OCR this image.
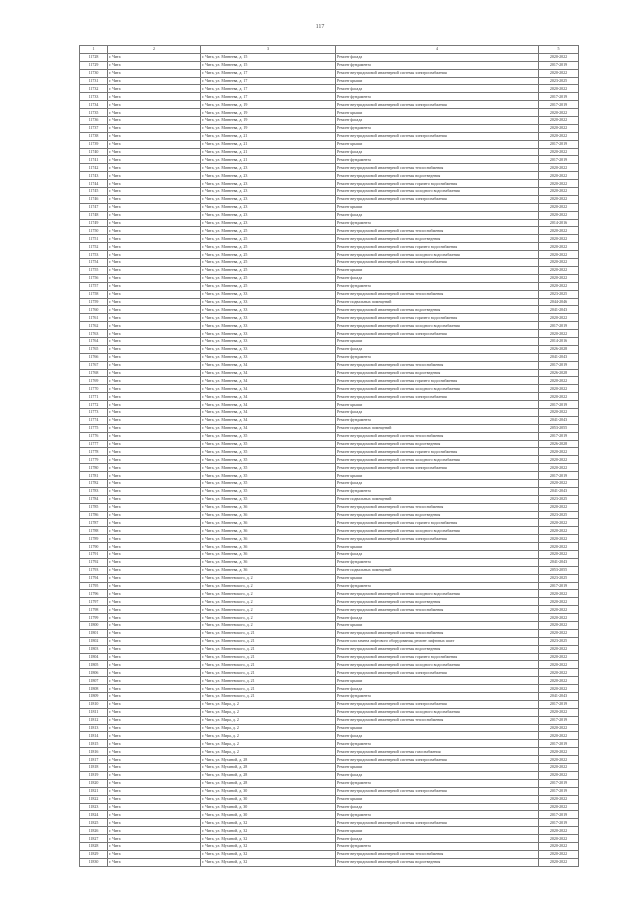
117
1	2	3	4	5
11728	г. Чита	г. Чита, ул. Матвеева, д. 15	Ремонт фасада	2020-2022
11729	г. Чита	г. Чита, ул. Матвеева, д. 15	Ремонт фундамента	2017-2019
11730	г. Чита	г. Чита, ул. Матвеева, д. 17	Ремонт внутридомовой инженерной системы электроснабжения	2020-2022
11731	г. Чита	г. Чита, ул. Матвеева, д. 17	Ремонт крыши	2023-2025
11732	г. Чита	г. Чита, ул. Матвеева, д. 17	Ремонт фасада	2020-2022
11733	г. Чита	г. Чита, ул. Матвеева, д. 17	Ремонт фундамента	2017-2019
11734	г. Чита	г. Чита, ул. Матвеева, д. 19	Ремонт внутридомовой инженерной системы электроснабжения	2017-2019
11735	г. Чита	г. Чита, ул. Матвеева, д. 19	Ремонт крыши	2020-2022
11736	г. Чита	г. Чита, ул. Матвеева, д. 19	Ремонт фасада	2020-2022
11737	г. Чита	г. Чита, ул. Матвеева, д. 19	Ремонт фундамента	2020-2022
11738	г. Чита	г. Чита, ул. Матвеева, д. 21	Ремонт внутридомовой инженерной системы электроснабжения	2020-2022
11739	г. Чита	г. Чита, ул. Матвеева, д. 21	Ремонт крыши	2017-2019
11740	г. Чита	г. Чита, ул. Матвеева, д. 21	Ремонт фасада	2020-2022
11741	г. Чита	г. Чита, ул. Матвеева, д. 21	Ремонт фундамента	2017-2019
11742	г. Чита	г. Чита, ул. Матвеева, д. 23	Ремонт внутридомовой инженерной системы теплоснабжения	2020-2022
11743	г. Чита	г. Чита, ул. Матвеева, д. 23	Ремонт внутридомовой инженерной системы водоотведения	2020-2022
11744	г. Чита	г. Чита, ул. Матвеева, д. 23	Ремонт внутридомовой инженерной системы горячего водоснабжения	2020-2022
11745	г. Чита	г. Чита, ул. Матвеева, д. 23	Ремонт внутридомовой инженерной системы холодного водоснабжения	2020-2022
11746	г. Чита	г. Чита, ул. Матвеева, д. 23	Ремонт внутридомовой инженерной системы электроснабжения	2020-2022
11747	г. Чита	г. Чита, ул. Матвеева, д. 23	Ремонт крыши	2020-2022
11748	г. Чита	г. Чита, ул. Матвеева, д. 23	Ремонт фасада	2020-2022
11749	г. Чита	г. Чита, ул. Матвеева, д. 23	Ремонт фундамента	2014-2016
11750	г. Чита	г. Чита, ул. Матвеева, д. 25	Ремонт внутридомовой инженерной системы теплоснабжения	2020-2022
11751	г. Чита	г. Чита, ул. Матвеева, д. 25	Ремонт внутридомовой инженерной системы водоотведения	2020-2022
11752	г. Чита	г. Чита, ул. Матвеева, д. 25	Ремонт внутридомовой инженерной системы горячего водоснабжения	2020-2022
11753	г. Чита	г. Чита, ул. Матвеева, д. 25	Ремонт внутридомовой инженерной системы холодного водоснабжения	2020-2022
11754	г. Чита	г. Чита, ул. Матвеева, д. 25	Ремонт внутридомовой инженерной системы электроснабжения	2020-2022
11755	г. Чита	г. Чита, ул. Матвеева, д. 25	Ремонт крыши	2020-2022
11756	г. Чита	г. Чита, ул. Матвеева, д. 25	Ремонт фасада	2020-2022
11757	г. Чита	г. Чита, ул. Матвеева, д. 25	Ремонт фундамента	2020-2022
11758	г. Чита	г. Чита, ул. Матвеева, д. 33	Ремонт внутридомовой инженерной системы теплоснабжения	2023-2025
11759	г. Чита	г. Чита, ул. Матвеева, д. 33	Ремонт подвальных помещений	2044-2046
11760	г. Чита	г. Чита, ул. Матвеева, д. 33	Ремонт внутридомовой инженерной системы водоотведения	2041-2043
11761	г. Чита	г. Чита, ул. Матвеева, д. 33	Ремонт внутридомовой инженерной системы горячего водоснабжения	2020-2022
11762	г. Чита	г. Чита, ул. Матвеева, д. 33	Ремонт внутридомовой инженерной системы холодного водоснабжения	2017-2019
11763	г. Чита	г. Чита, ул. Матвеева, д. 33	Ремонт внутридомовой инженерной системы электроснабжения	2020-2022
11764	г. Чита	г. Чита, ул. Матвеева, д. 33	Ремонт крыши	2014-2016
11765	г. Чита	г. Чита, ул. Матвеева, д. 33	Ремонт фасада	2026-2028
11766	г. Чита	г. Чита, ул. Матвеева, д. 33	Ремонт фундамента	2041-2043
11767	г. Чита	г. Чита, ул. Матвеева, д. 34	Ремонт внутридомовой инженерной системы теплоснабжения	2017-2019
11768	г. Чита	г. Чита, ул. Матвеева, д. 34	Ремонт внутридомовой инженерной системы водоотведения	2026-2028
11769	г. Чита	г. Чита, ул. Матвеева, д. 34	Ремонт внутридомовой инженерной системы горячего водоснабжения	2020-2022
11770	г. Чита	г. Чита, ул. Матвеева, д. 34	Ремонт внутридомовой инженерной системы холодного водоснабжения	2020-2022
11771	г. Чита	г. Чита, ул. Матвеева, д. 34	Ремонт внутридомовой инженерной системы электроснабжения	2020-2022
11772	г. Чита	г. Чита, ул. Матвеева, д. 34	Ремонт крыши	2017-2019
11773	г. Чита	г. Чита, ул. Матвеева, д. 34	Ремонт фасада	2020-2022
11774	г. Чита	г. Чита, ул. Матвеева, д. 34	Ремонт фундамента	2041-2043
11775	г. Чита	г. Чита, ул. Матвеева, д. 34	Ремонт подвальных помещений	2053-2055
11776	г. Чита	г. Чита, ул. Матвеева, д. 35	Ремонт внутридомовой инженерной системы теплоснабжения	2017-2019
11777	г. Чита	г. Чита, ул. Матвеева, д. 35	Ремонт внутридомовой инженерной системы водоотведения	2026-2028
11778	г. Чита	г. Чита, ул. Матвеева, д. 35	Ремонт внутридомовой инженерной системы горячего водоснабжения	2020-2022
11779	г. Чита	г. Чита, ул. Матвеева, д. 35	Ремонт внутридомовой инженерной системы холодного водоснабжения	2020-2022
11780	г. Чита	г. Чита, ул. Матвеева, д. 35	Ремонт внутридомовой инженерной системы электроснабжения	2020-2022
11781	г. Чита	г. Чита, ул. Матвеева, д. 35	Ремонт крыши	2017-2019
11782	г. Чита	г. Чита, ул. Матвеева, д. 35	Ремонт фасада	2020-2022
11783	г. Чита	г. Чита, ул. Матвеева, д. 35	Ремонт фундамента	2041-2043
11784	г. Чита	г. Чита, ул. Матвеева, д. 35	Ремонт подвальных помещений	2023-2025
11785	г. Чита	г. Чита, ул. Матвеева, д. 36	Ремонт внутридомовой инженерной системы теплоснабжения	2020-2022
11786	г. Чита	г. Чита, ул. Матвеева, д. 36	Ремонт внутридомовой инженерной системы водоотведения	2023-2025
11787	г. Чита	г. Чита, ул. Матвеева, д. 36	Ремонт внутридомовой инженерной системы горячего водоснабжения	2020-2022
11788	г. Чита	г. Чита, ул. Матвеева, д. 36	Ремонт внутридомовой инженерной системы холодного водоснабжения	2020-2022
11789	г. Чита	г. Чита, ул. Матвеева, д. 36	Ремонт внутридомовой инженерной системы электроснабжения	2020-2022
11790	г. Чита	г. Чита, ул. Матвеева, д. 36	Ремонт крыши	2020-2022
11791	г. Чита	г. Чита, ул. Матвеева, д. 36	Ремонт фасада	2020-2022
11792	г. Чита	г. Чита, ул. Матвеева, д. 36	Ремонт фундамента	2041-2043
11793	г. Чита	г. Чита, ул. Матвеева, д. 36	Ремонт подвальных помещений	2053-2055
11794	г. Чита	г. Чита, ул. Матвеевского, д. 2	Ремонт крыши	2023-2025
11795	г. Чита	г. Чита, ул. Матвеевского, д. 2	Ремонт фундамента	2017-2019
11796	г. Чита	г. Чита, ул. Матвеевского, д. 2	Ремонт внутридомовой инженерной системы холодного водоснабжения	2020-2022
11797	г. Чита	г. Чита, ул. Матвеевского, д. 2	Ремонт внутридомовой инженерной системы водоотведения	2020-2022
11798	г. Чита	г. Чита, ул. Матвеевского, д. 2	Ремонт внутридомовой инженерной системы теплоснабжения	2020-2022
11799	г. Чита	г. Чита, ул. Матвеевского, д. 2	Ремонт фасада	2020-2022
11800	г. Чита	г. Чита, ул. Матвеевского, д. 2	Ремонт крыши	2020-2022
11801	г. Чита	г. Чита, ул. Матвеевского, д. 21	Ремонт внутридомовой инженерной системы теплоснабжения	2020-2022
11802	г. Чита	г. Чита, ул. Матвеевского, д. 21	Ремонт или замена лифтового оборудования, ремонт лифтовых шахт	2023-2025
11803	г. Чита	г. Чита, ул. Матвеевского, д. 21	Ремонт внутридомовой инженерной системы водоотведения	2020-2022
11804	г. Чита	г. Чита, ул. Матвеевского, д. 21	Ремонт внутридомовой инженерной системы горячего водоснабжения	2020-2022
11805	г. Чита	г. Чита, ул. Матвеевского, д. 21	Ремонт внутридомовой инженерной системы холодного водоснабжения	2020-2022
11806	г. Чита	г. Чита, ул. Матвеевского, д. 21	Ремонт внутридомовой инженерной системы электроснабжения	2020-2022
11807	г. Чита	г. Чита, ул. Матвеевского, д. 21	Ремонт крыши	2020-2022
11808	г. Чита	г. Чита, ул. Матвеевского, д. 21	Ремонт фасада	2020-2022
11809	г. Чита	г. Чита, ул. Матвеевского, д. 21	Ремонт фундамента	2041-2043
11810	г. Чита	г. Чита, ул. Мира, д. 2	Ремонт внутридомовой инженерной системы электроснабжения	2017-2019
11811	г. Чита	г. Чита, ул. Мира, д. 2	Ремонт внутридомовой инженерной системы холодного водоснабжения	2020-2022
11812	г. Чита	г. Чита, ул. Мира, д. 2	Ремонт внутридомовой инженерной системы теплоснабжения	2017-2019
11813	г. Чита	г. Чита, ул. Мира, д. 2	Ремонт крыши	2020-2022
11814	г. Чита	г. Чита, ул. Мира, д. 2	Ремонт фасада	2020-2022
11815	г. Чита	г. Чита, ул. Мира, д. 2	Ремонт фундамента	2017-2019
11816	г. Чита	г. Чита, ул. Мира, д. 2	Ремонт внутридомовой инженерной системы газоснабжения	2020-2022
11817	г. Чита	г. Чита, ул. Мухиной, д. 28	Ремонт внутридомовой инженерной системы электроснабжения	2020-2022
11818	г. Чита	г. Чита, ул. Мухиной, д. 28	Ремонт крыши	2020-2022
11819	г. Чита	г. Чита, ул. Мухиной, д. 28	Ремонт фасада	2020-2022
11820	г. Чита	г. Чита, ул. Мухиной, д. 28	Ремонт фундамента	2017-2019
11821	г. Чита	г. Чита, ул. Мухиной, д. 30	Ремонт внутридомовой инженерной системы электроснабжения	2017-2019
11822	г. Чита	г. Чита, ул. Мухиной, д. 30	Ремонт крыши	2020-2022
11823	г. Чита	г. Чита, ул. Мухиной, д. 30	Ремонт фасада	2020-2022
11824	г. Чита	г. Чита, ул. Мухиной, д. 30	Ремонт фундамента	2017-2019
11825	г. Чита	г. Чита, ул. Мухиной, д. 32	Ремонт внутридомовой инженерной системы электроснабжения	2017-2019
11826	г. Чита	г. Чита, ул. Мухиной, д. 32	Ремонт крыши	2020-2022
11827	г. Чита	г. Чита, ул. Мухиной, д. 32	Ремонт фасада	2020-2022
11828	г. Чита	г. Чита, ул. Мухиной, д. 32	Ремонт фундамента	2020-2022
11829	г. Чита	г. Чита, ул. Мухиной, д. 32	Ремонт внутридомовой инженерной системы теплоснабжения	2020-2022
11830	г. Чита	г. Чита, ул. Мухиной, д. 32	Ремонт внутридомовой инженерной системы водоотведения	2020-2022
